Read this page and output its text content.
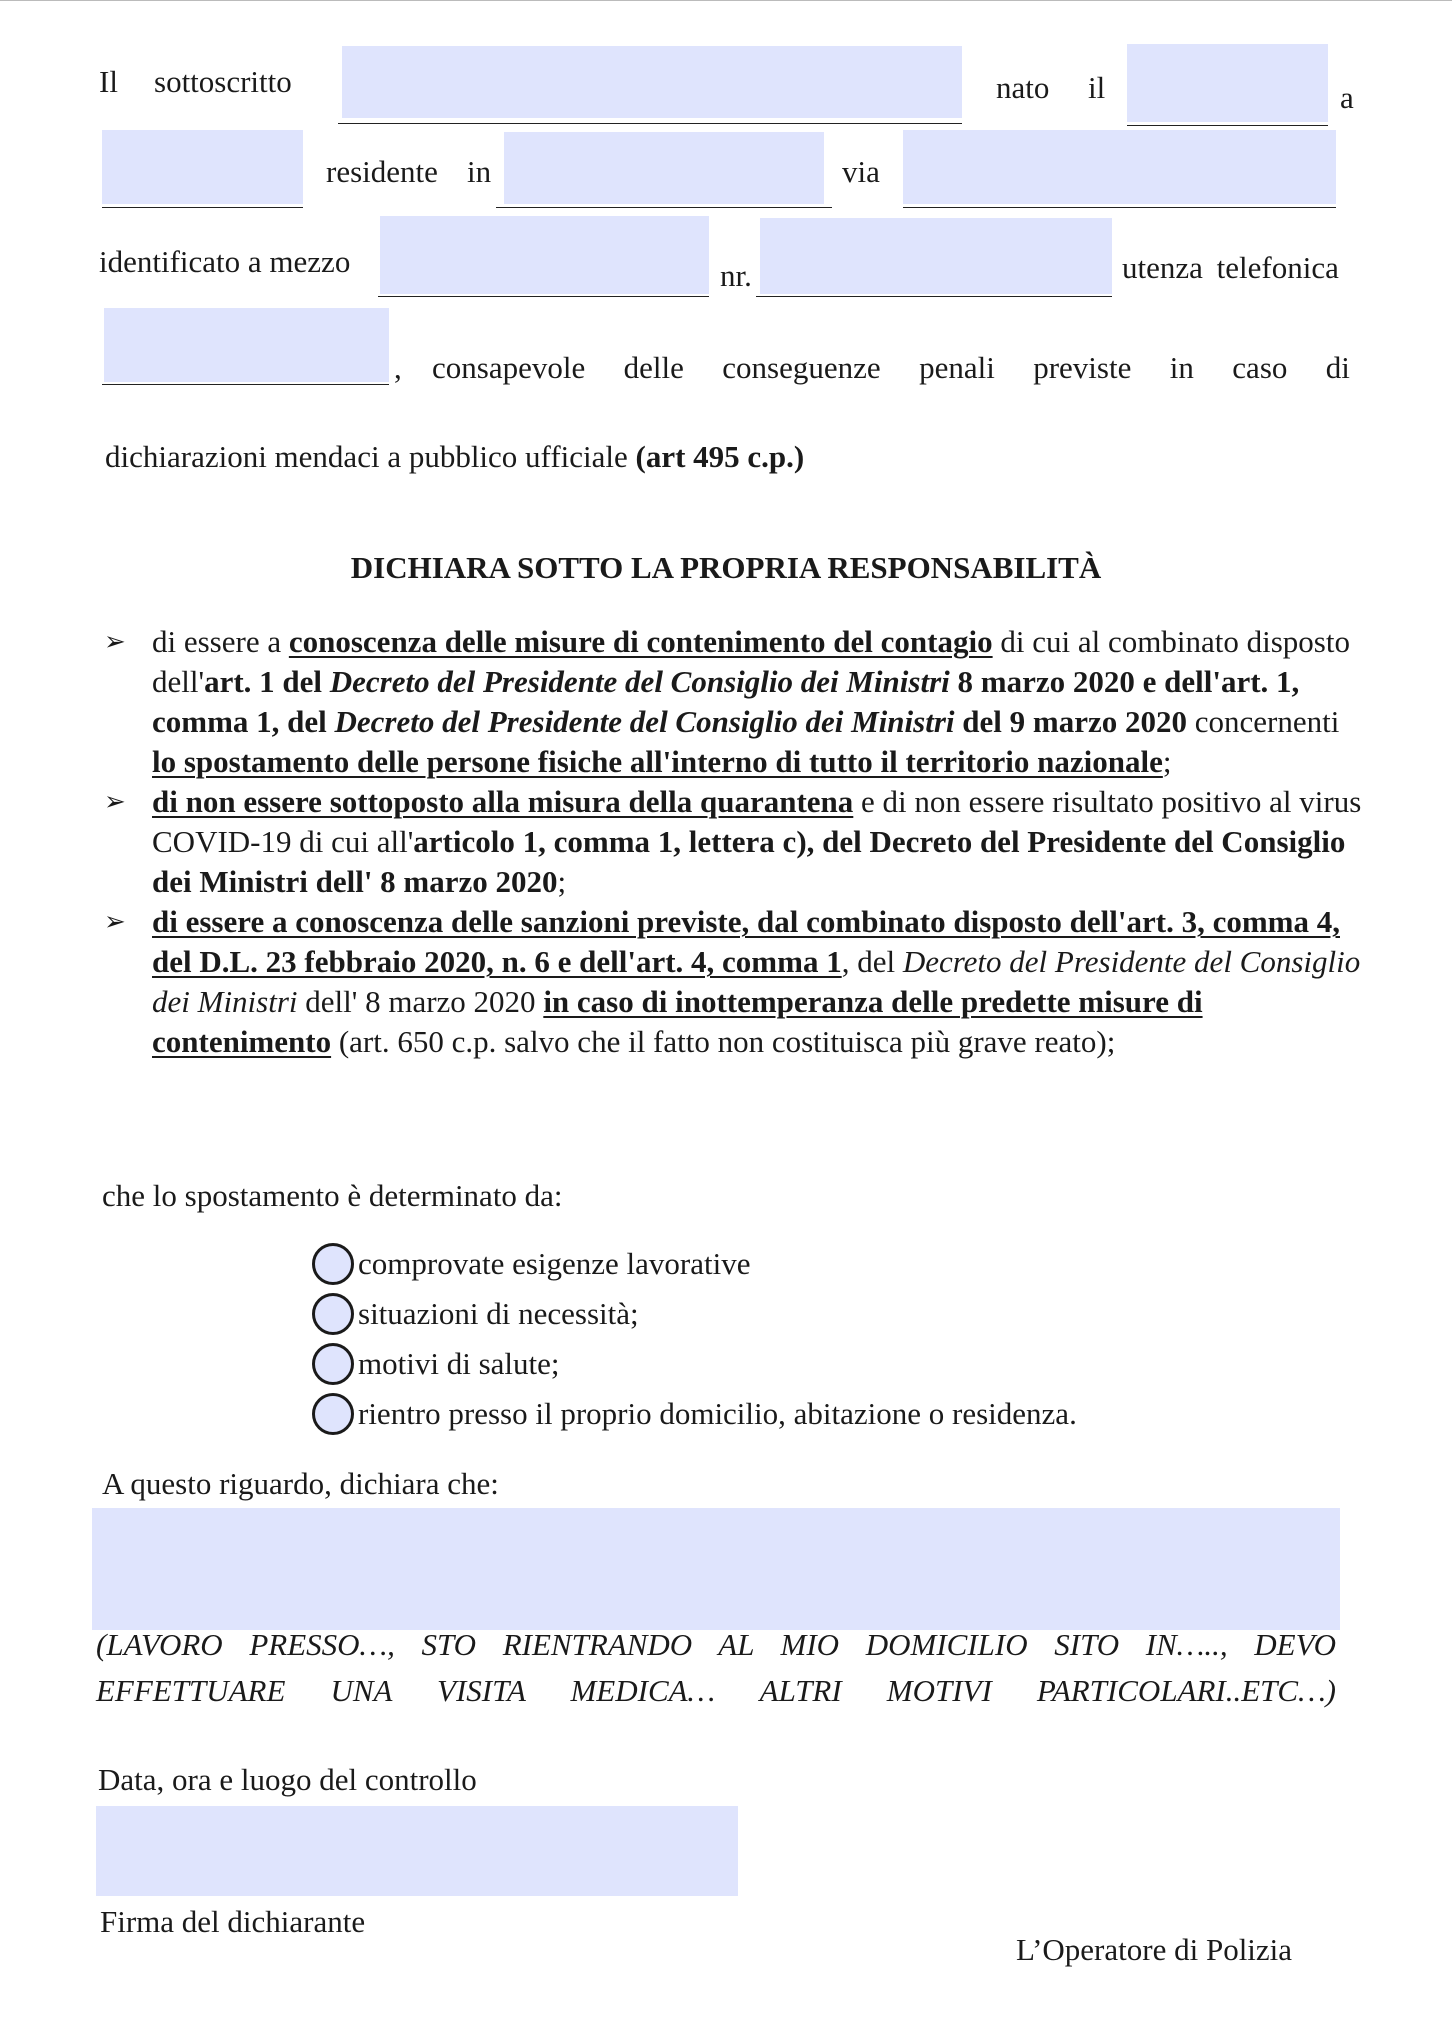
Il sottoscritto	nato il	a
residente in	via
identificato a mezzo	nr.	utenza telefonica
, consapevole delle conseguenze penali previste in caso di
dichiarazioni mendaci a pubblico ufficiale (art 495 c.p.)
DICHIARA SOTTO LA PROPRIA RESPONSABILITÀ
➢ di essere a conoscenza delle misure di contenimento del contagio di cui al combinato disposto dell'art. 1 del Decreto del Presidente del Consiglio dei Ministri 8 marzo 2020 e dell'art. 1, comma 1, del Decreto del Presidente del Consiglio dei Ministri del 9 marzo 2020 concernenti lo spostamento delle persone fisiche all'interno di tutto il territorio nazionale;
➢ di non essere sottoposto alla misura della quarantena e di non essere risultato positivo al virus COVID-19 di cui all'articolo 1, comma 1, lettera c), del Decreto del Presidente del Consiglio dei Ministri dell' 8 marzo 2020;
➢ di essere a conoscenza delle sanzioni previste, dal combinato disposto dell'art. 3, comma 4, del D.L. 23 febbraio 2020, n. 6 e dell'art. 4, comma 1, del Decreto del Presidente del Consiglio dei Ministri dell' 8 marzo 2020 in caso di inottemperanza delle predette misure di contenimento (art. 650 c.p. salvo che il fatto non costituisca più grave reato);
che lo spostamento è determinato da:
comprovate esigenze lavorative
situazioni di necessità;
motivi di salute;
rientro presso il proprio domicilio, abitazione o residenza.
A questo riguardo, dichiara che:
(LAVORO PRESSO…, STO RIENTRANDO AL MIO DOMICILIO SITO IN….., DEVO EFFETTUARE UNA VISITA MEDICA… ALTRI MOTIVI PARTICOLARI..ETC…)
Data, ora e luogo del controllo
Firma del dichiarante
L’Operatore di Polizia
